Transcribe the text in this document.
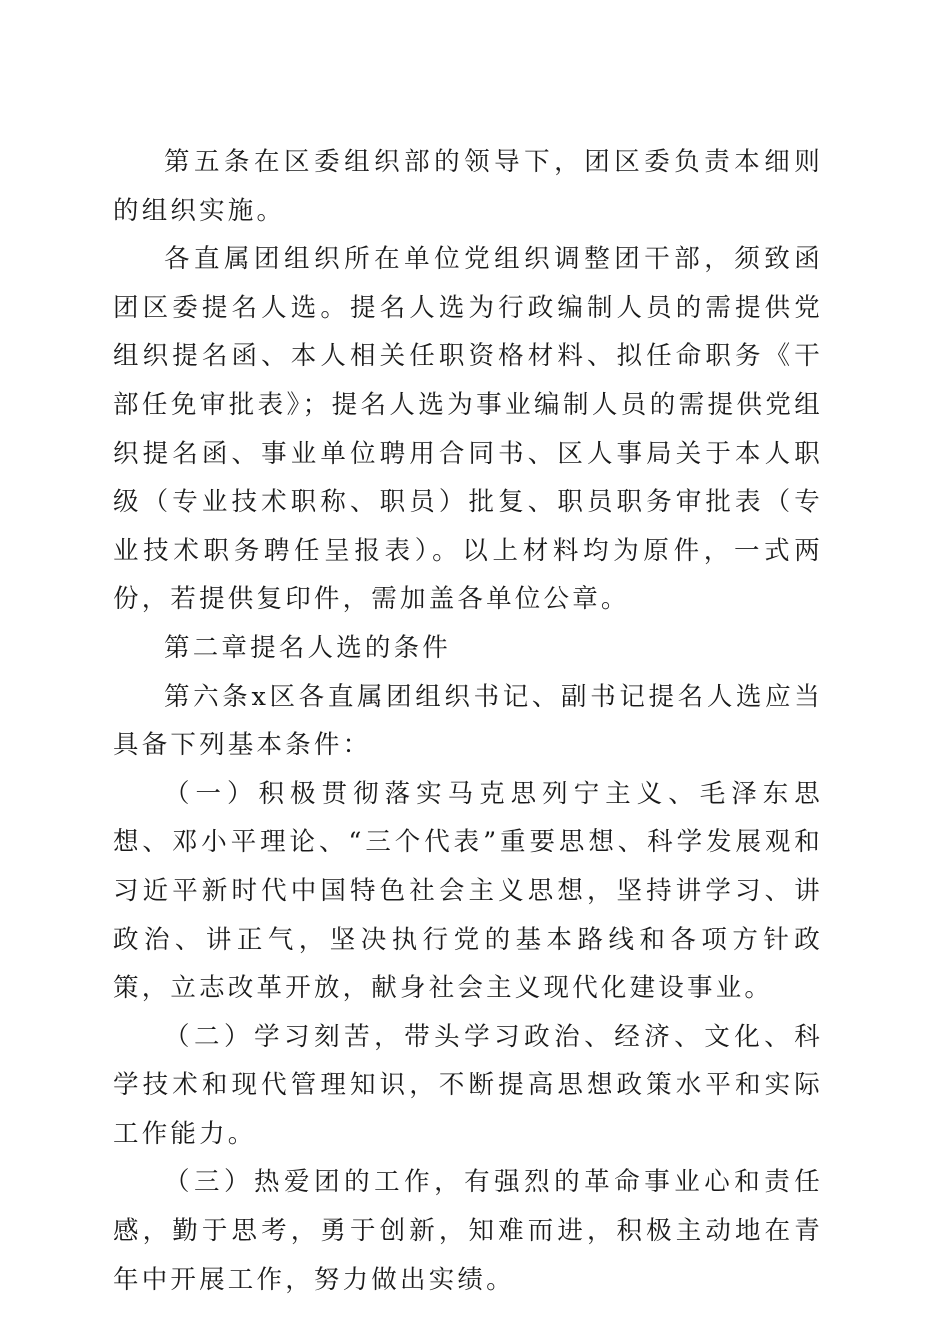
第五条在区委组织部的领导下，团区委负责本细则的组织实施。

各直属团组织所在单位党组织调整团干部，须致函团区委提名人选。提名人选为行政编制人员的需提供党组织提名函、本人相关任职资格材料、拟任命职务《干部任免审批表》；提名人选为事业编制人员的需提供党组织提名函、事业单位聘用合同书、区人事局关于本人职级（专业技术职称、职员）批复、职员职务审批表（专业技术职务聘任呈报表）。以上材料均为原件，一式两份，若提供复印件，需加盖各单位公章。

第二章提名人选的条件

第六条x区各直属团组织书记、副书记提名人选应当具备下列基本条件：

（一）积极贯彻落实马克思列宁主义、毛泽东思想、邓小平理论、“三个代表”重要思想、科学发展观和习近平新时代中国特色社会主义思想，坚持讲学习、讲政治、讲正气，坚决执行党的基本路线和各项方针政策，立志改革开放，献身社会主义现代化建设事业。

（二）学习刻苦，带头学习政治、经济、文化、科学技术和现代管理知识，不断提高思想政策水平和实际工作能力。

（三）热爱团的工作，有强烈的革命事业心和责任感，勤于思考，勇于创新，知难而进，积极主动地在青年中开展工作，努力做出实绩。
